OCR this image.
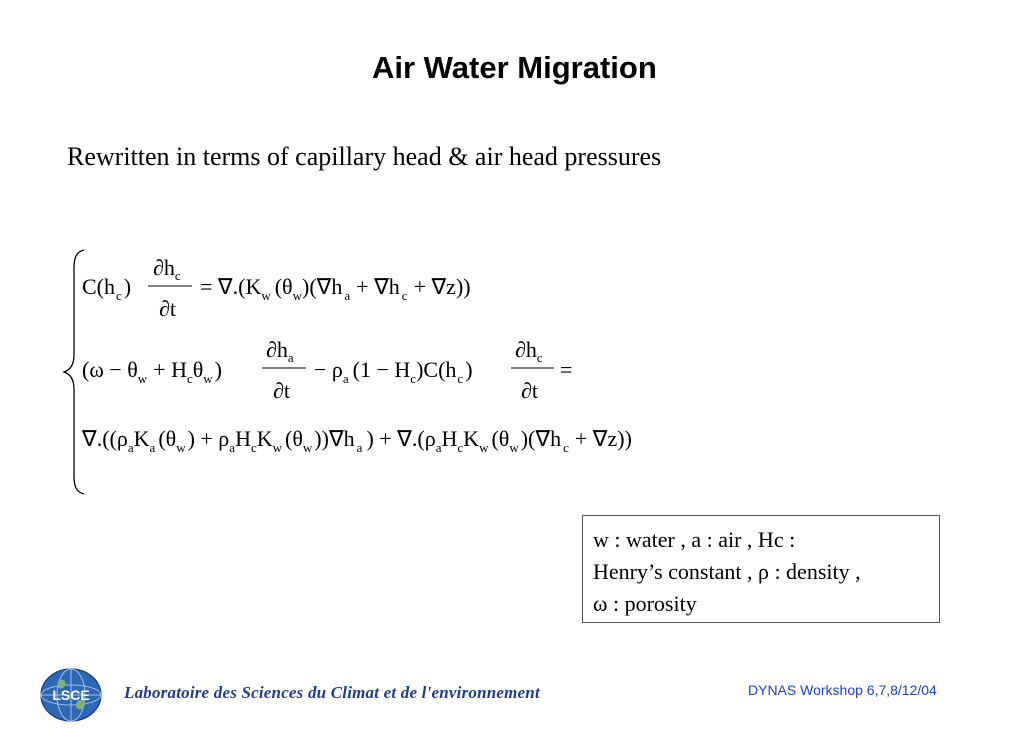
Air Water Migration
Rewritten in terms of capillary head & air head pressures
$C(h_c)$
$\partial h_c$
∂t
= $\nabla.(K_w$ $(\theta_w)(\nabla h$ $_a$ + ∇h $_c$ + ∇z))
$(\omega - \theta_w + H_c\theta_w)$
$\partial h_a$
∂t
− $\rho_a$ $(1 - H_c)C(h_c)$
$\partial h_c$
∂t
=
$\nabla.((\rho_aK_a$ $(\theta_w) + \rho_aH_cK_w$ $(\theta_w))\nabla h$ $_a$ ) + $\nabla.(\rho_aH_cK_w$ $(\theta_w)(\nabla h$ $_c$ + ∇z))
w : water , a : air , Hc :
Henry’s constant , ρ : density ,
ω : porosity
LSCE Laboratoire des Sciences du Climat et de l'environnement	DYNAS Workshop 6,7,8/12/04
